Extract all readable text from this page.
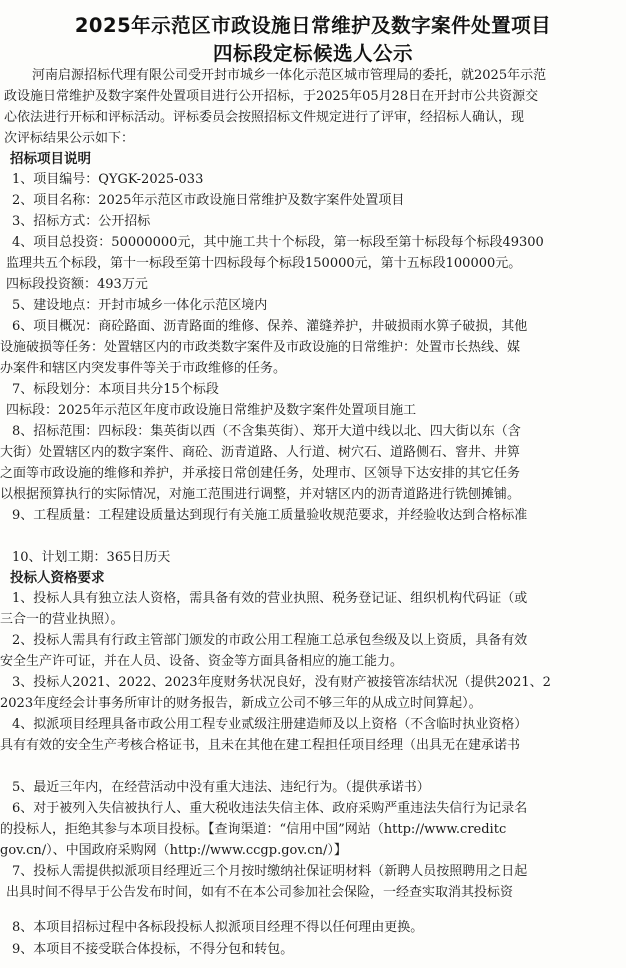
2025年示范区市政设施日常维护及数字案件处置项目
四标段定标候选人公示
河南启源招标代理有限公司受开封市城乡一体化示范区城市管理局的委托，就2025年示范
政设施日常维护及数字案件处置项目进行公开招标，于2025年05月28日在开封市公共资源交
心依法进行开标和评标活动。评标委员会按照招标文件规定进行了评审，经招标人确认，现
次评标结果公示如下：
招标项目说明
1、项目编号：QYGK-2025-033
2、项目名称：2025年示范区市政设施日常维护及数字案件处置项目
3、招标方式：公开招标
4、项目总投资：50000000元，其中施工共十个标段，第一标段至第十标段每个标段49300
监理共五个标段，第十一标段至第十四标段每个标段150000元，第十五标段100000元。
四标段投资额：493万元
5、建设地点：开封市城乡一体化示范区境内
6、项目概况：商砼路面、沥青路面的维修、保养、灌缝养护，井破损雨水箅子破损，其他
设施破损等任务：处置辖区内的市政类数字案件及市政设施的日常维护：处置市长热线、媒
办案件和辖区内突发事件等关于市政维修的任务。
7、标段划分：本项目共分15个标段
四标段：2025年示范区年度市政设施日常维护及数字案件处置项目施工
8、招标范围：四标段：集英街以西（不含集英街）、郑开大道中线以北、四大街以东（含
大街）处置辖区内的数字案件、商砼、沥青道路、人行道、树穴石、道路侧石、窨井、井箅
之面等市政设施的维修和养护，并承接日常创建任务，处理市、区领导下达安排的其它任务
以根据预算执行的实际情况，对施工范围进行调整，并对辖区内的沥青道路进行铣刨摊铺。
9、工程质量：工程建设质量达到现行有关施工质量验收规范要求，并经验收达到合格标准
10、计划工期：365日历天
投标人资格要求
1、投标人具有独立法人资格，需具备有效的营业执照、税务登记证、组织机构代码证（或
三合一的营业执照）。
2、投标人需具有行政主管部门颁发的市政公用工程施工总承包叁级及以上资质，具备有效
安全生产许可证，并在人员、设备、资金等方面具备相应的施工能力。
3、投标人2021、2022、2023年度财务状况良好，没有财产被接管冻结状况（提供2021、2
2023年度经会计事务所审计的财务报告，新成立公司不够三年的从成立时间算起）。
4、拟派项目经理具备市政公用工程专业贰级注册建造师及以上资格（不含临时执业资格）
具有有效的安全生产考核合格证书，且未在其他在建工程担任项目经理（出具无在建承诺书
5、最近三年内，在经营活动中没有重大违法、违纪行为。（提供承诺书）
6、对于被列入失信被执行人、重大税收违法失信主体、政府采购严重违法失信行为记录名
的投标人，拒绝其参与本项目投标。【查询渠道：“信用中国”网站（http://www.creditc
gov.cn/）、中国政府采购网（http://www.ccgp.gov.cn/）】
7、投标人需提供拟派项目经理近三个月按时缴纳社保证明材料（新聘人员按照聘用之日起
出具时间不得早于公告发布时间，如有不在本公司参加社会保险，一经查实取消其投标资
8、本项目招标过程中各标段投标人拟派项目经理不得以任何理由更换。
9、本项目不接受联合体投标，不得分包和转包。
